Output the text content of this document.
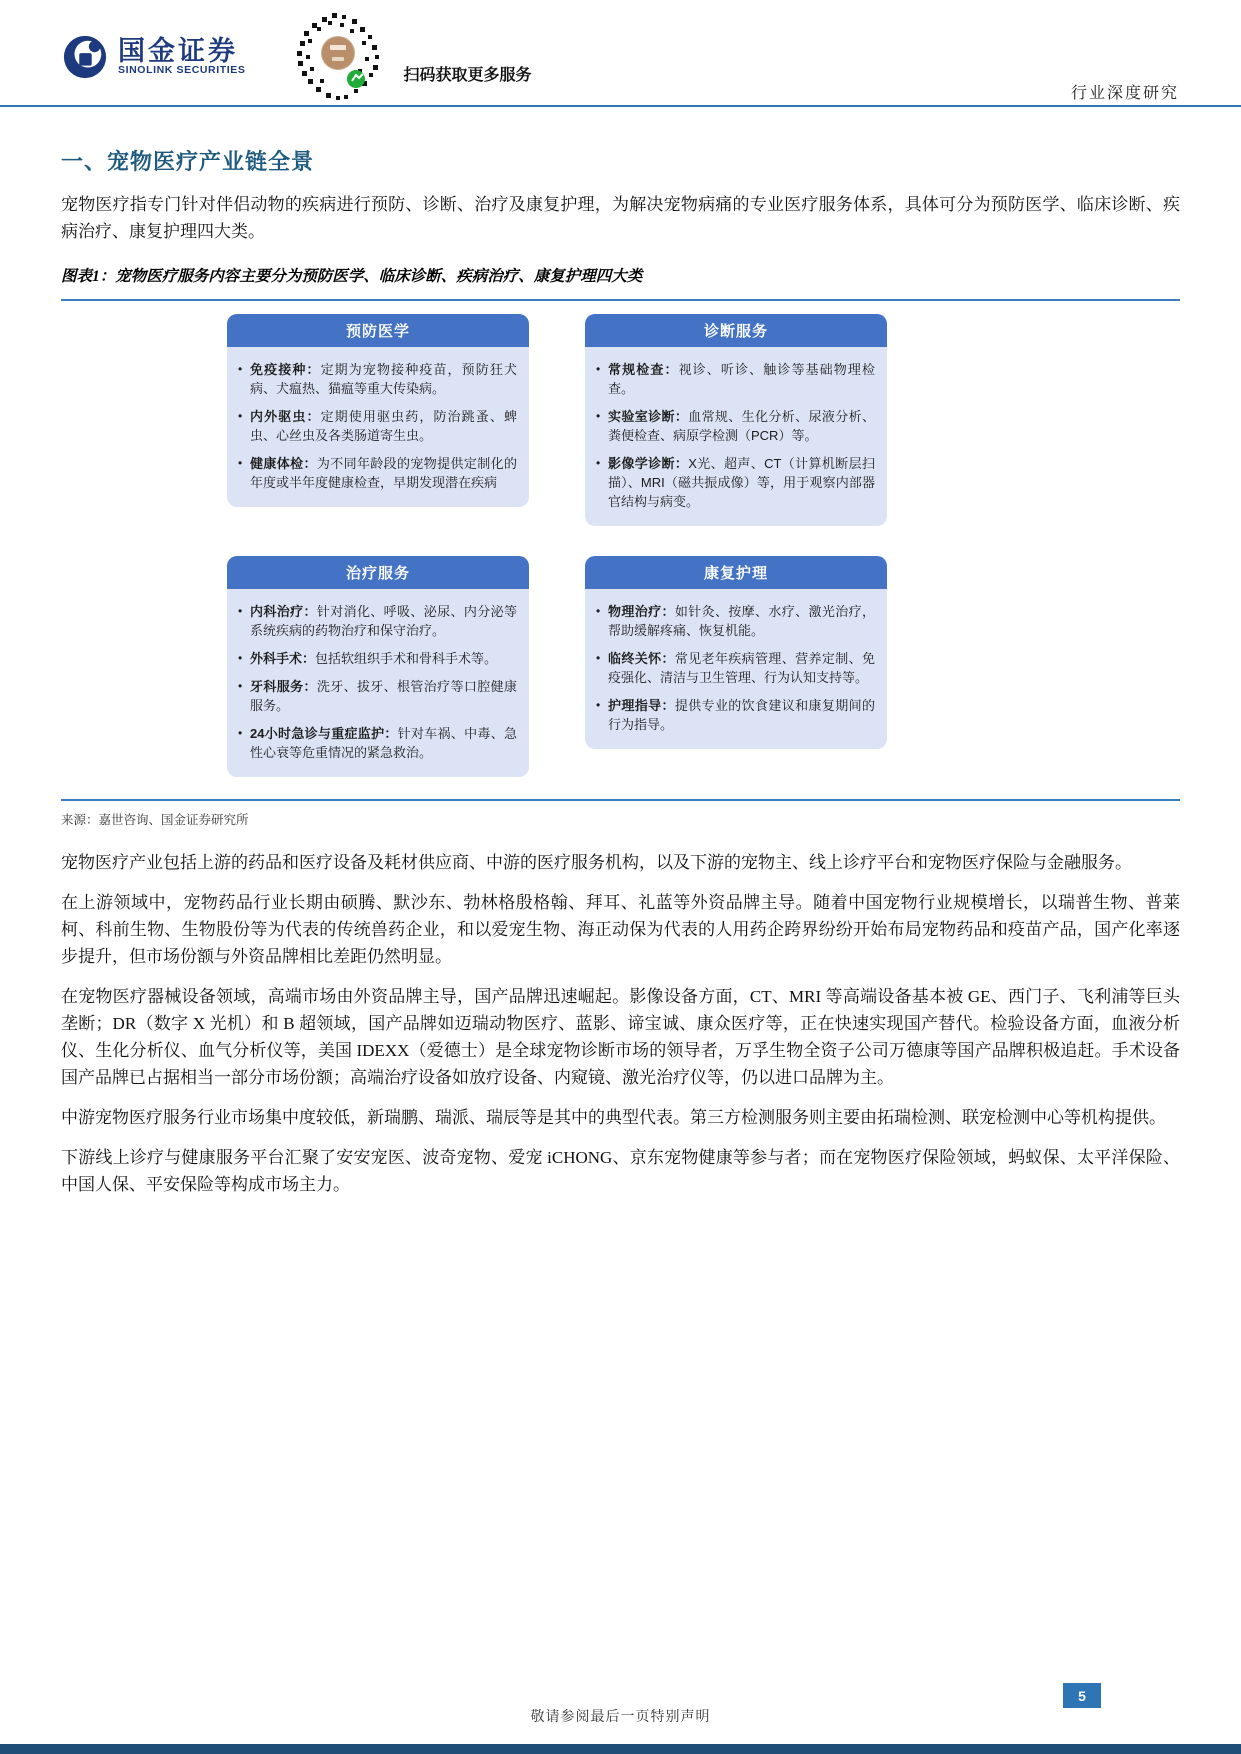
国金证券
SINOLINK SECURITIES	扫码获取更多服务
行业深度研究
一、宠物医疗产业链全景

宠物医疗指专门针对伴侣动物的疾病进行预防、诊断、治疗及康复护理，为解决宠物病痛的专业医疗服务体系，具体可分为预防医学、临床诊断、疾病治疗、康复护理四大类。

图表1：宠物医疗服务内容主要分为预防医学、临床诊断、疾病治疗、康复护理四大类
预防医学
• 免疫接种：定期为宠物接种疫苗，预防狂犬病、犬瘟热、猫瘟等重大传染病。
• 内外驱虫：定期使用驱虫药，防治跳蚤、蜱虫、心丝虫及各类肠道寄生虫。
• 健康体检：为不同年龄段的宠物提供定制化的年度或半年度健康检查，早期发现潜在疾病
诊断服务
• 常规检查：视诊、听诊、触诊等基础物理检查。
• 实验室诊断：血常规、生化分析、尿液分析、粪便检查、病原学检测（PCR）等。
• 影像学诊断：X光、超声、CT（计算机断层扫描）、MRI（磁共振成像）等，用于观察内部器官结构与病变。
治疗服务
• 内科治疗：针对消化、呼吸、泌尿、内分泌等系统疾病的药物治疗和保守治疗。
• 外科手术：包括软组织手术和骨科手术等。
• 牙科服务：洗牙、拔牙、根管治疗等口腔健康服务。
• 24小时急诊与重症监护：针对车祸、中毒、急性心衰等危重情况的紧急救治。
康复护理
• 物理治疗：如针灸、按摩、水疗、激光治疗，帮助缓解疼痛、恢复机能。
• 临终关怀：常见老年疾病管理、营养定制、免疫强化、清洁与卫生管理、行为认知支持等。
• 护理指导：提供专业的饮食建议和康复期间的行为指导。
来源：嘉世咨询、国金证券研究所

宠物医疗产业包括上游的药品和医疗设备及耗材供应商、中游的医疗服务机构，以及下游的宠物主、线上诊疗平台和宠物医疗保险与金融服务。

在上游领域中，宠物药品行业长期由硕腾、默沙东、勃林格殷格翰、拜耳、礼蓝等外资品牌主导。随着中国宠物行业规模增长，以瑞普生物、普莱柯、科前生物、生物股份等为代表的传统兽药企业，和以爱宠生物、海正动保为代表的人用药企跨界纷纷开始布局宠物药品和疫苗产品，国产化率逐步提升，但市场份额与外资品牌相比差距仍然明显。

在宠物医疗器械设备领域，高端市场由外资品牌主导，国产品牌迅速崛起。影像设备方面，CT、MRI 等高端设备基本被 GE、西门子、飞利浦等巨头垄断；DR（数字 X 光机）和 B 超领域，国产品牌如迈瑞动物医疗、蓝影、谛宝诚、康众医疗等，正在快速实现国产替代。检验设备方面，血液分析仪、生化分析仪、血气分析仪等，美国 IDEXX（爱德士）是全球宠物诊断市场的领导者，万孚生物全资子公司万德康等国产品牌积极追赶。手术设备国产品牌已占据相当一部分市场份额；高端治疗设备如放疗设备、内窥镜、激光治疗仪等，仍以进口品牌为主。

中游宠物医疗服务行业市场集中度较低，新瑞鹏、瑞派、瑞辰等是其中的典型代表。第三方检测服务则主要由拓瑞检测、联宠检测中心等机构提供。

下游线上诊疗与健康服务平台汇聚了安安宠医、波奇宠物、爱宠 iCHONG、京东宠物健康等参与者；而在宠物医疗保险领域，蚂蚁保、太平洋保险、中国人保、平安保险等构成市场主力。

敬请参阅最后一页特别声明
5
